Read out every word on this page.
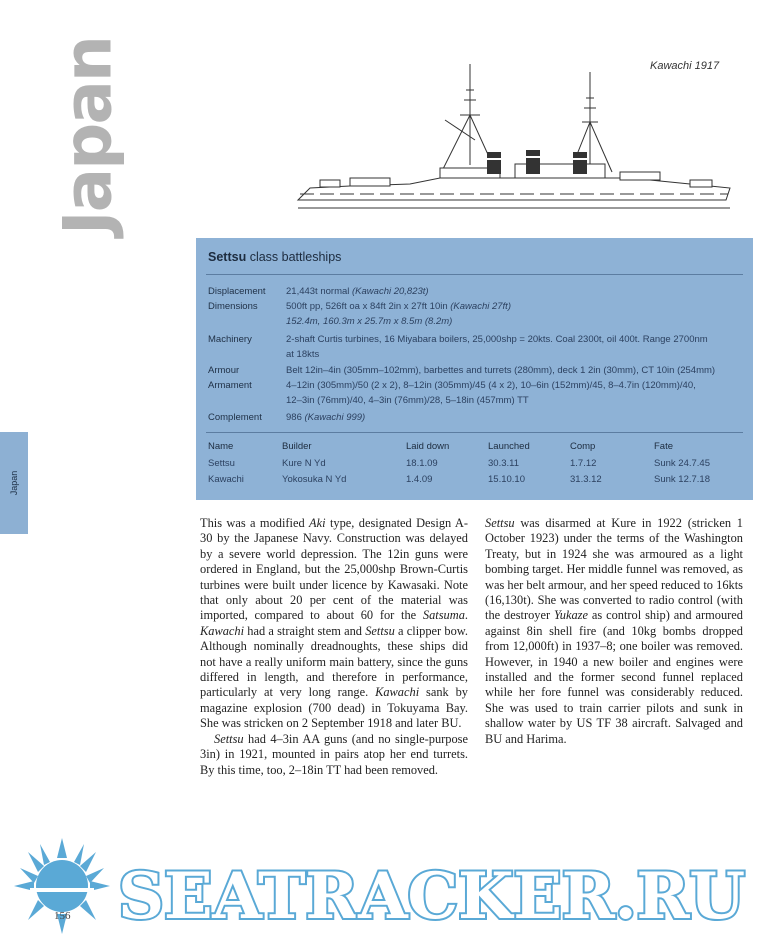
Japan
Japan
Kawachi 1917
Settsu class battleships
Displacement 21,443t normal (Kawachi 20,823t)
Dimensions	500ft pp, 526ft oa x 84ft 2in x 27ft 10in (Kawachi 27ft)
152.4m, 160.3m x 25.7m x 8.5m (8.2m)
Machinery	2-shaft Curtis turbines, 16 Miyabara boilers, 25,000shp = 20kts. Coal 2300t, oil 400t. Range 2700nm
at 18kts
Armour	Belt 12in–4in (305mm–102mm), barbettes and turrets (280mm), deck 1 2in (30mm), CT 10in (254mm)
Armament	4–12in (305mm)/50 (2 x 2), 8–12in (305mm)/45 (4 x 2), 10–6in (152mm)/45, 8–4.7in (120mm)/40,
12–3in (76mm)/40, 4–3in (76mm)/28, 5–18in (457mm) TT
Complement	986 (Kawachi 999)
Name	Builder	Laid down	Launched	Comp	Fate
Settsu	Kure N Yd	18.1.09	30.3.11	1.7.12	Sunk 24.7.45
Kawachi	Yokosuka N Yd	1.4.09	15.10.10	31.3.12	Sunk 12.7.18

This was a modified Aki type, designated Design A-30 by the Japanese Navy. Construction was delayed by a severe world depression. The 12in guns were ordered in England, but the 25,000shp Brown-Curtis turbines were built under licence by Kawasaki. Note that only about 20 per cent of the material was imported, compared to about 60 for the Satsuma. Kawachi had a straight stem and Settsu a clipper bow. Although nominally dreadnoughts, these ships did not have a really uniform main battery, since the guns differed in length, and therefore in performance, particularly at very long range. Kawachi sank by magazine explosion (700 dead) in Tokuyama Bay. She was stricken on 2 September 1918 and later BU.

Settsu had 4–3in AA guns (and no single-purpose 3in) in 1921, mounted in pairs atop her end turrets. By this time, too, 2–18in TT had been removed.

Settsu was disarmed at Kure in 1922 (stricken 1 October 1923) under the terms of the Washington Treaty, but in 1924 she was armoured as a light bombing target. Her middle funnel was removed, as was her belt armour, and her speed reduced to 16kts (16,130t). She was converted to radio control (with the destroyer Yukaze as control ship) and armoured against 8in shell fire (and 10kg bombs dropped from 12,000ft) in 1937–8; one boiler was removed. However, in 1940 a new boiler and engines were installed and the former second funnel replaced while her fore funnel was considerably reduced. She was used to train carrier pilots and sunk in shallow water by US TF 38 aircraft. Salvaged and BU and Harima.

SEATRACKER.RU
156
